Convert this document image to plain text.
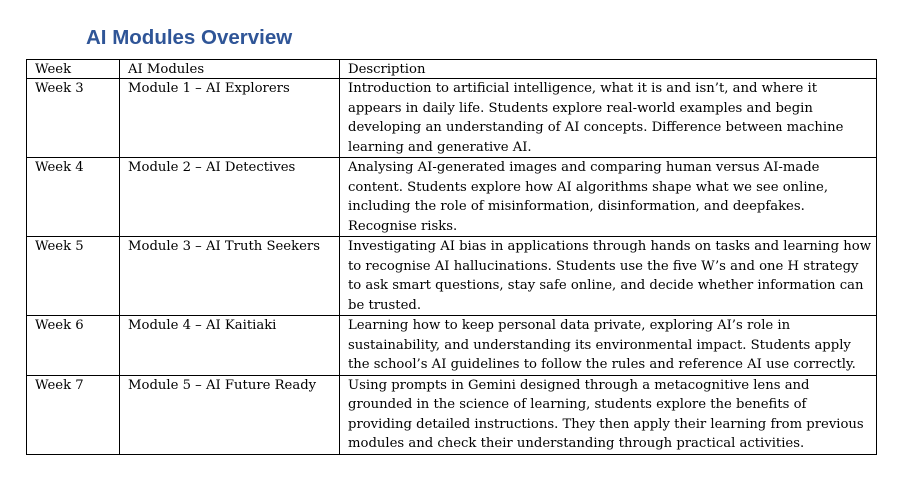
AI Modules Overview
Week	AI Modules	Description
Week 3	Module 1 – AI Explorers	Introduction to artificial intelligence, what it is and isn’t, and where it appears in daily life. Students explore real-world examples and begin developing an understanding of AI concepts. Difference between machine learning and generative AI.
Week 4	Module 2 – AI Detectives	Analysing AI-generated images and comparing human versus AI-made content. Students explore how AI algorithms shape what we see online, including the role of misinformation, disinformation, and deepfakes. Recognise risks.
Week 5	Module 3 – AI Truth Seekers	Investigating AI bias in applications through hands on tasks and learning how to recognise AI hallucinations. Students use the five W’s and one H strategy to ask smart questions, stay safe online, and decide whether information can be trusted.
Week 6	Module 4 – AI Kaitiaki	Learning how to keep personal data private, exploring AI’s role in sustainability, and understanding its environmental impact. Students apply the school’s AI guidelines to follow the rules and reference AI use correctly.
Week 7	Module 5 – AI Future Ready	Using prompts in Gemini designed through a metacognitive lens and grounded in the science of learning, students explore the benefits of providing detailed instructions. They then apply their learning from previous modules and check their understanding through practical activities.
